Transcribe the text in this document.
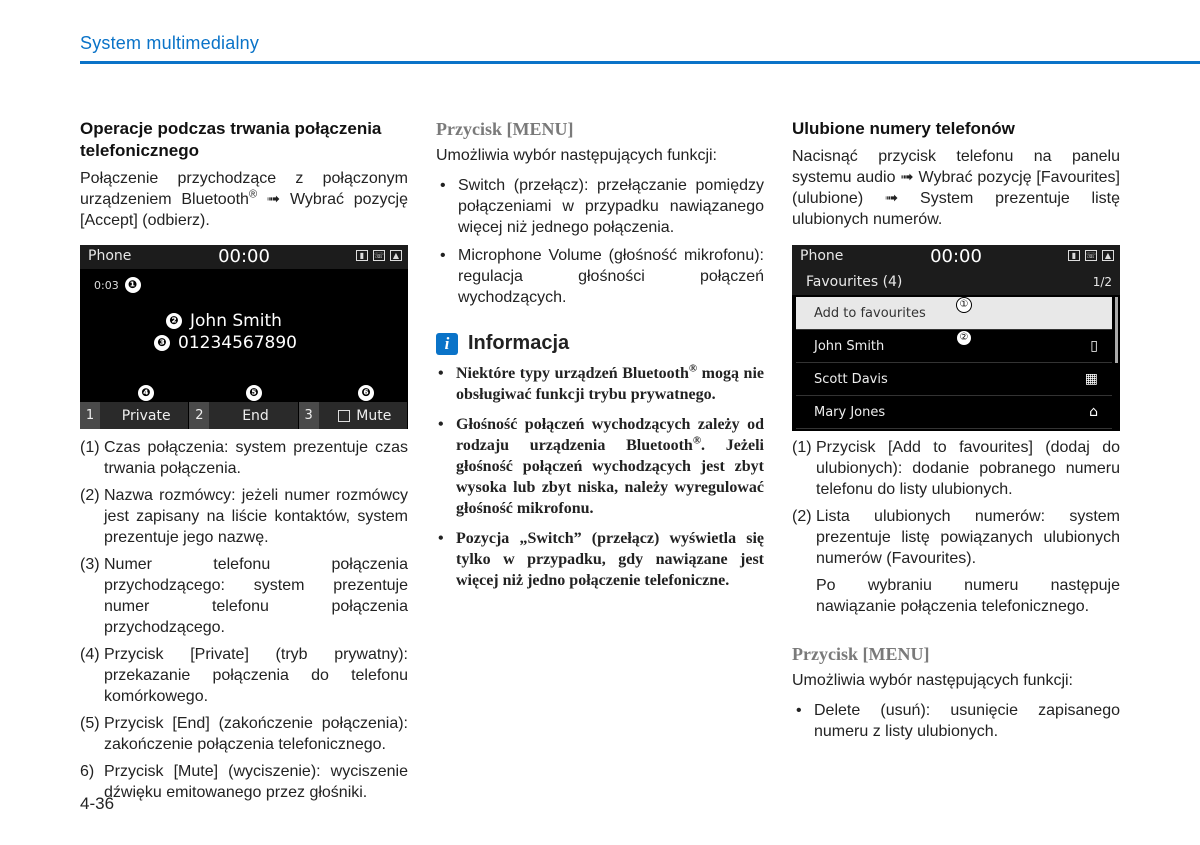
System multimedialny
Operacje podczas trwania połączenia telefonicznego

Połączenie przychodzące z połączonym urządzeniem Bluetooth® ➟ Wybrać pozycję [Accept] (odbierz).

Phone	00:00	▮	☏	▲
0:03 ❶
❷ John Smith
❸ 01234567890
❹	❺	❻
1	Private	2	End	3	Mute
(1) Czas połączenia: system prezentuje czas trwania połączenia.
(2) Nazwa rozmówcy: jeżeli numer rozmówcy jest zapisany na liście kontaktów, system prezentuje jego nazwę.
(3) Numer telefonu połączenia przychodzącego: system prezentuje numer telefonu połączenia przychodzącego.
(4) Przycisk [Private] (tryb prywatny): przekazanie połączenia do telefonu komórkowego.
(5) Przycisk [End] (zakończenie połączenia): zakończenie połączenia telefonicznego.
6) Przycisk [Mute] (wyciszenie): wyciszenie dźwięku emitowanego przez głośniki.
Przycisk [MENU]

Umożliwia wybór następujących funkcji:

• Switch (przełącz): przełączanie pomiędzy połączeniami w przypadku nawiązanego więcej niż jednego połączenia.
• Microphone Volume (głośność mikrofonu): regulacja głośności połączeń wychodzących.
i Informacja
• Niektóre typy urządzeń Bluetooth® mogą nie obsługiwać funkcji trybu prywatnego.
• Głośność połączeń wychodzących zależy od rodzaju urządzenia Bluetooth®. Jeżeli głośność połączeń wychodzących jest zbyt wysoka lub zbyt niska, należy wyregulować głośność mikrofonu.
• Pozycja „Switch” (przełącz) wyświetla się tylko w przypadku, gdy nawiązane jest więcej niż jedno połączenie telefoniczne.
Ulubione numery telefonów

Nacisnąć przycisk telefonu na panelu systemu audio ➟ Wybrać pozycję [Favourites] (ulubione) ➟ System prezentuje listę ulubionych numerów.

Phone	00:00	▮	☏	▲
Favourites (4)	1/2
Add to favourites
John Smith	▯
Scott Davis	▦
Mary Jones	⌂
①
②
(1) Przycisk [Add to favourites] (dodaj do ulubionych): dodanie pobranego numeru telefonu do listy ulubionych.
(2) Lista ulubionych numerów: system prezentuje listę powiązanych ulubionych numerów (Favourites).
Po wybraniu numeru następuje nawiązanie połączenia telefonicznego.
Przycisk [MENU]

Umożliwia wybór następujących funkcji:

• Delete (usuń): usunięcie zapisanego numeru z listy ulubionych.
4-36
